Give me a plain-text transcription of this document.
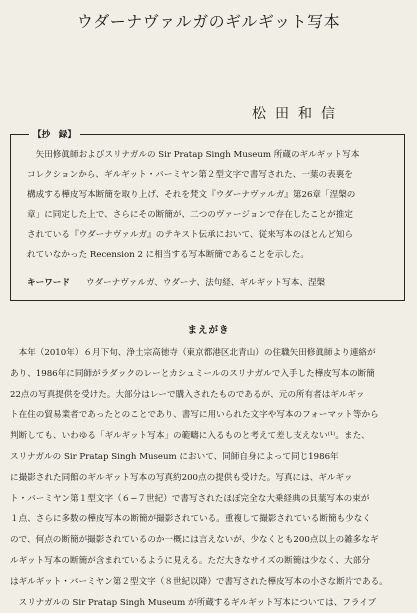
ウダーナヴァルガのギルギット写本
松田和信
【抄　録】
　矢田修眞師およびスリナガルの Sir Pratap Singh Museum 所蔵のギルギット写本
コレクションから、ギルギット・バーミヤン第２型文字で書写された、一葉の表裏を
構成する樺皮写本断簡を取り上げ、それを梵文『ウダーナヴァルガ』第26章「涅槃の
章」に同定した上で、さらにその断簡が、二つのヴァージョンで存在したことが推定
されている『ウダーナヴァルガ』のテキスト伝承において、従来写本のほとんど知ら
れていなかった Recension 2 に相当する写本断簡であることを示した。
キーワード ウダーナヴァルガ、ウダーナ、法句経、ギルギット写本、涅槃
まえがき
　本年（2010年）６月下旬、浄土宗高徳寺（東京都港区北青山）の住職矢田修眞師より連絡が
あり、1986年に同師がラダックのレーとカシュミールのスリナガルで入手した樺皮写本の断簡
22点の写真提供を受けた。大部分はレーで購入されたものであるが、元の所有者はギルギッ
ト在住の貿易業者であったとのことであり、書写に用いられた文字や写本のフォーマット等から
判断しても、いわゆる「ギルギット写本」の範疇に入るものと考えて差し支えない⁽¹⁾。また、
スリナガルの Sir Pratap Singh Museum において、同師自身によって同じ1986年
に撮影された同館のギルギット写本の写真約200点の提供も受けた。写真には、ギルギッ
ト・バーミヤン第１型文字（６−７世紀）で書写されたほぼ完全な大乗経典の貝葉写本の束が
１点、さらに多数の樺皮写本の断簡が撮影されている。重複して撮影されている断簡も少なく
ので、何点の断簡が撮影されているのか一概には言えないが、少なくとも200点以上の雑多なギ
ルギット写本の断簡が含まれているように見える。ただ大きなサイズの断簡は少なく、大部分
はギルギット・バーミヤン第２型文字（８世紀以降）で書写された樺皮写本の小さな断片である。
　スリナガルの Sir Pratap Singh Museum が所蔵するギルギット写本については、フライブ
